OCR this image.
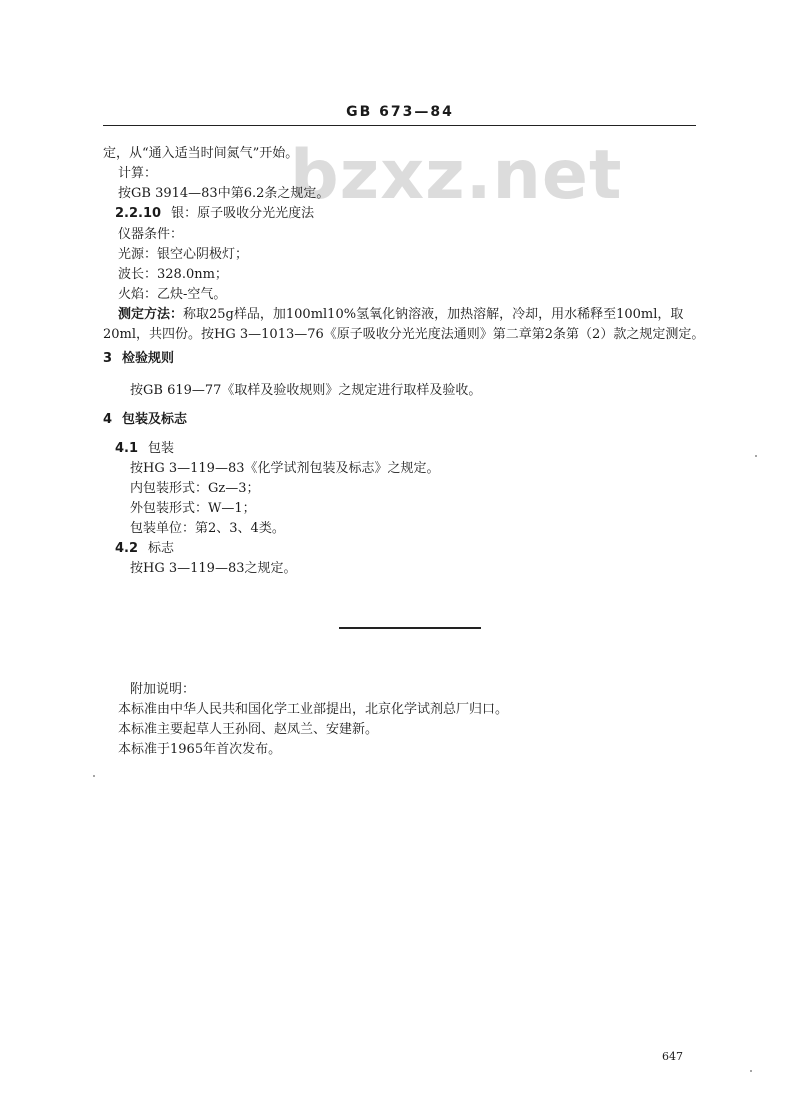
GB 673—84
bzxz.net
定，从“通入适当时间氮气”开始。
计算：
按GB 3914—83中第6.2条之规定。
2.2.10 银：原子吸收分光光度法
仪器条件：
光源：银空心阴极灯；
波长：328.0nm；
火焰：乙炔-空气。
测定方法：称取25g样品，加100ml10%氢氧化钠溶液，加热溶解，冷却，用水稀释至100ml，取
20ml，共四份。按HG 3—1013—76《原子吸收分光光度法通则》第二章第2条第（2）款之规定测定。
3 检验规则
按GB 619—77《取样及验收规则》之规定进行取样及验收。
4 包装及标志
4.1 包装
按HG 3—119—83《化学试剂包装及标志》之规定。
内包装形式：Gz—3；
外包装形式：W—1；
包装单位：第2、3、4类。
4.2 标志
按HG 3—119—83之规定。
附加说明：
本标准由中华人民共和国化学工业部提出，北京化学试剂总厂归口。
本标准主要起草人王孙冏、赵凤兰、安建新。
本标准于1965年首次发布。
647
